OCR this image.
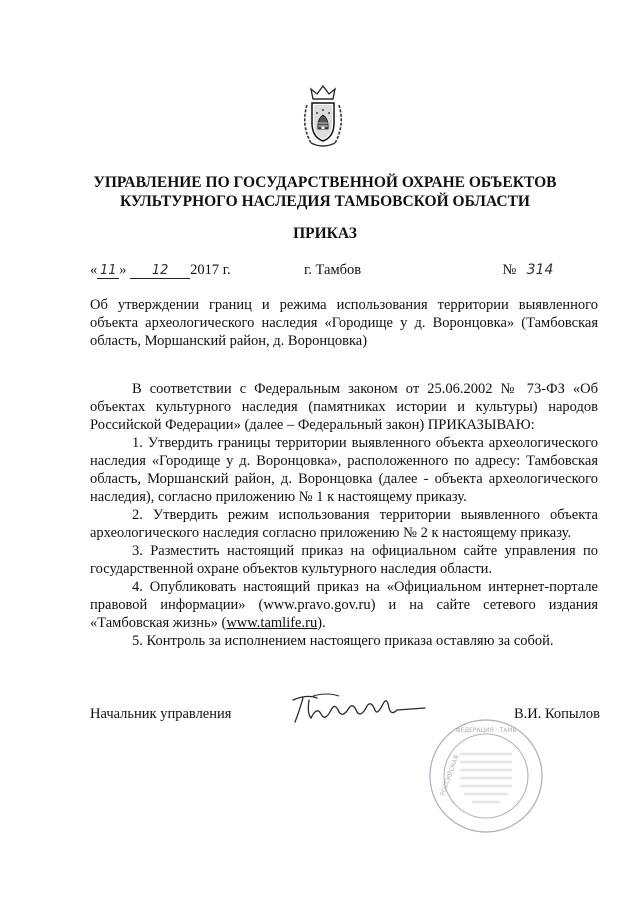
УПРАВЛЕНИЕ ПО ГОСУДАРСТВЕННОЙ ОХРАНЕ ОБЪЕКТОВ
КУЛЬТУРНОГО НАСЛЕДИЯ ТАМБОВСКОЙ ОБЛАСТИ
ПРИКАЗ
« 11 » 12 2017 г.	г. Тамбов	№ 314
Об утверждении границ и режима использования территории выявленного объекта археологического наследия «Городище у д. Воронцовка» (Тамбовская область, Моршанский район, д. Воронцовка)

В соответствии с Федеральным законом от 25.06.2002 № 73-ФЗ «Об объектах культурного наследия (памятниках истории и культуры) народов Российской Федерации» (далее – Федеральный закон) ПРИКАЗЫВАЮ:

1. Утвердить границы территории выявленного объекта археологического наследия «Городище у д. Воронцовка», расположенного по адресу: Тамбовская область, Моршанский район, д. Воронцовка (далее - объекта археологического наследия), согласно приложению № 1 к настоящему приказу.

2. Утвердить режим использования территории выявленного объекта археологического наследия согласно приложению № 2 к настоящему приказу.

3. Разместить настоящий приказ на официальном сайте управления по государственной охране объектов культурного наследия области.

4. Опубликовать настоящий приказ на «Официальном интернет-портале правовой информации» (www.pravo.gov.ru) и на сайте сетевого издания «Тамбовская жизнь» (www.tamlife.ru).

5. Контроль за исполнением настоящего приказа оставляю за собой.

Начальник управления	В.И. Копылов
ФЕДЕРАЦИЯ · ТАМБ
РОССИЙСКАЯ
